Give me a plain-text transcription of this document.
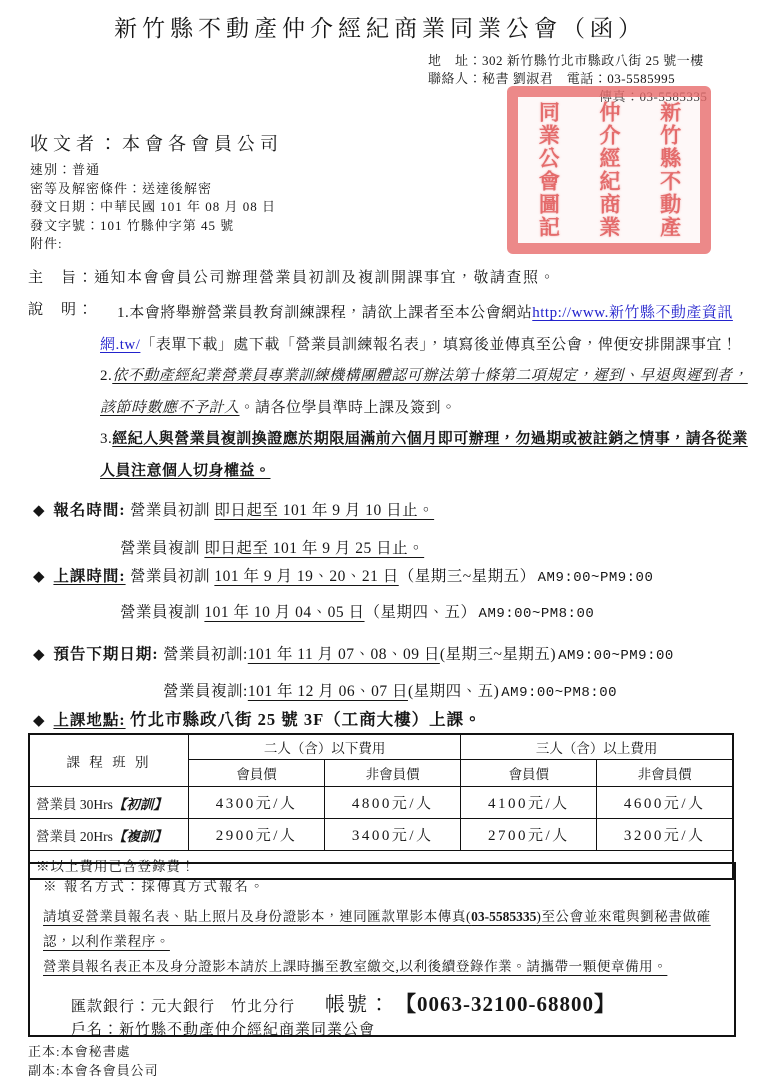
新竹縣不動產仲介經紀商業同業公會（函）
地　址：302 新竹縣竹北市縣政八街 25 號一樓
聯絡人：秘書 劉淑君　電話：03-5585995
傳真：03-5585335
新竹縣不動產
仲介經紀商業
同業公會圖記
收文者：本會各會員公司
速別：普通
密等及解密條件：送達後解密
發文日期：中華民國 101 年 08 月 08 日
發文字號：101 竹縣仲字第 45 號
附件:
主　旨：通知本會會員公司辦理營業員初訓及複訓開課事宜，敬請查照。
說　明：	1.本會將舉辦營業員教育訓練課程，請欲上課者至本公會網站http://www.新竹縣不動產資訊網.tw/「表單下載」處下載「營業員訓練報名表」，填寫後並傳真至公會，俾便安排開課事宜！

2.依不動產經紀業營業員專業訓練機構團體認可辦法第十條第二項規定，遲到、早退與遲到者，該節時數應不予計入。請各位學員準時上課及簽到。

3.經紀人與營業員複訓換證應於期限屆滿前六個月即可辦理，勿過期或被註銷之情事，請各從業人員注意個人切身權益。

◆ 報名時間: 營業員初訓 即日起至 101 年 9 月 10 日止。
營業員複訓 即日起至 101 年 9 月 25 日止。
◆ 上課時間: 營業員初訓 101 年 9 月 19、20、21 日（星期三~星期五） AM9:00~PM9:00
營業員複訓 101 年 10 月 04、05 日（星期四、五） AM9:00~PM8:00
◆ 預告下期日期: 營業員初訓:101 年 11 月 07、08、09 日(星期三~星期五) AM9:00~PM9:00
營業員複訓:101 年 12 月 06、07 日(星期四、五) AM9:00~PM8:00
◆ 上課地點: 竹北市縣政八街 25 號 3F（工商大樓）上課。
課 程 班 別	二人（含）以下費用		三人（含）以上費用	
	會員價	非會員價	會員價	非會員價
營業員 30Hrs【初訓】	4300元/人	4800元/人	4100元/人	4600元/人
營業員 20Hrs【複訓】	2900元/人	3400元/人	2700元/人	3200元/人
※以上費用已含登錄費！				

※ 報名方式：採傳真方式報名。

請填妥營業員報名表、貼上照片及身份證影本，連同匯款單影本傳真(03-5585335)至公會並來電與劉秘書做確認，以利作業程序。

營業員報名表正本及身分證影本請於上課時攜至教室繳交,以利後續登錄作業。請攜帶一顆便章備用。

匯款銀行：元大銀行　竹北分行 帳號： 【0063-32100-68800】

戶名：新竹縣不動產仲介經紀商業同業公會

正本:本會秘書處
副本:本會各會員公司
